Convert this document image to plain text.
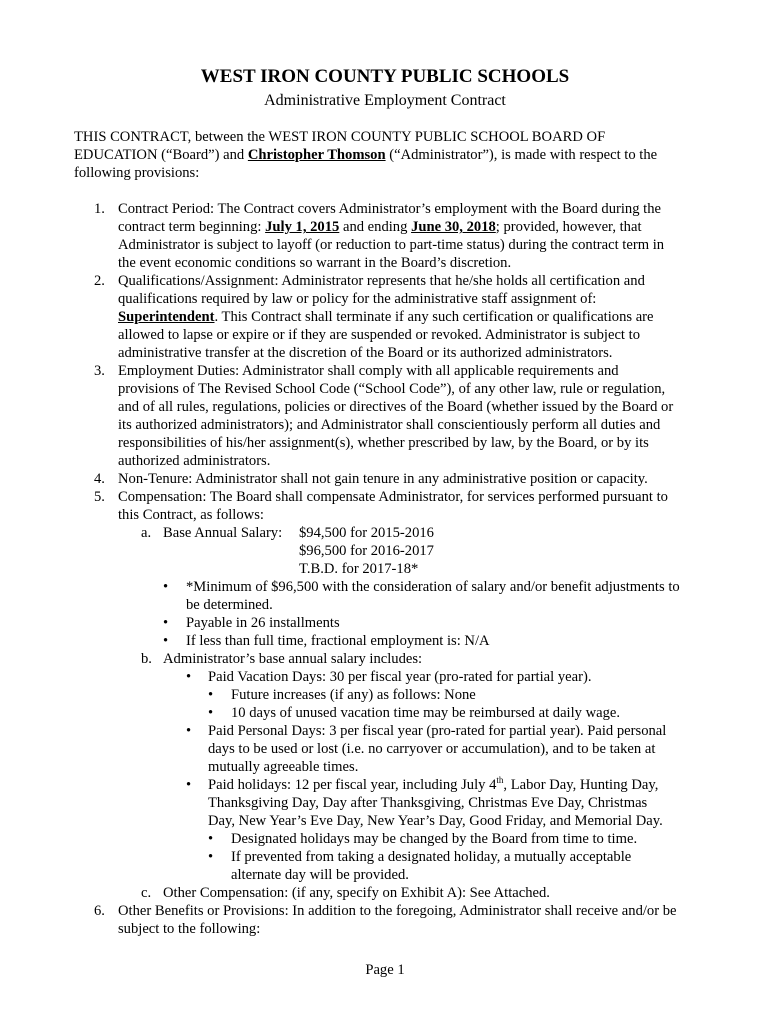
WEST IRON COUNTY PUBLIC SCHOOLS
Administrative Employment Contract
THIS CONTRACT, between the WEST IRON COUNTY PUBLIC SCHOOL BOARD OF
EDUCATION (“Board”) and Christopher Thomson (“Administrator”), is made with respect to the
following provisions:
1. Contract Period: The Contract covers Administrator’s employment with the Board during the
contract term beginning: July 1, 2015 and ending June 30, 2018; provided, however, that
Administrator is subject to layoff (or reduction to part-time status) during the contract term in
the event economic conditions so warrant in the Board’s discretion.
2. Qualifications/Assignment: Administrator represents that he/she holds all certification and
qualifications required by law or policy for the administrative staff assignment of:
Superintendent. This Contract shall terminate if any such certification or qualifications are
allowed to lapse or expire or if they are suspended or revoked. Administrator is subject to
administrative transfer at the discretion of the Board or its authorized administrators.
3. Employment Duties: Administrator shall comply with all applicable requirements and
provisions of The Revised School Code (“School Code”), of any other law, rule or regulation,
and of all rules, regulations, policies or directives of the Board (whether issued by the Board or
its authorized administrators); and Administrator shall conscientiously perform all duties and
responsibilities of his/her assignment(s), whether prescribed by law, by the Board, or by its
authorized administrators.
4. Non-Tenure: Administrator shall not gain tenure in any administrative position or capacity.
5. Compensation: The Board shall compensate Administrator, for services performed pursuant to
this Contract, as follows:
a. Base Annual Salary: $94,500 for 2015-2016
$96,500 for 2016-2017
T.B.D. for 2017-18*
• *Minimum of $96,500 with the consideration of salary and/or benefit adjustments to
be determined.
• Payable in 26 installments
• If less than full time, fractional employment is: N/A
b. Administrator’s base annual salary includes:
• Paid Vacation Days: 30 per fiscal year (pro-rated for partial year).
• Future increases (if any) as follows: None
• 10 days of unused vacation time may be reimbursed at daily wage.
• Paid Personal Days: 3 per fiscal year (pro-rated for partial year). Paid personal
days to be used or lost (i.e. no carryover or accumulation), and to be taken at
mutually agreeable times.
• Paid holidays: 12 per fiscal year, including July 4th, Labor Day, Hunting Day,
Thanksgiving Day, Day after Thanksgiving, Christmas Eve Day, Christmas
Day, New Year’s Eve Day, New Year’s Day, Good Friday, and Memorial Day.
• Designated holidays may be changed by the Board from time to time.
• If prevented from taking a designated holiday, a mutually acceptable
alternate day will be provided.
c. Other Compensation: (if any, specify on Exhibit A): See Attached.
6. Other Benefits or Provisions: In addition to the foregoing, Administrator shall receive and/or be
subject to the following:
Page 1
